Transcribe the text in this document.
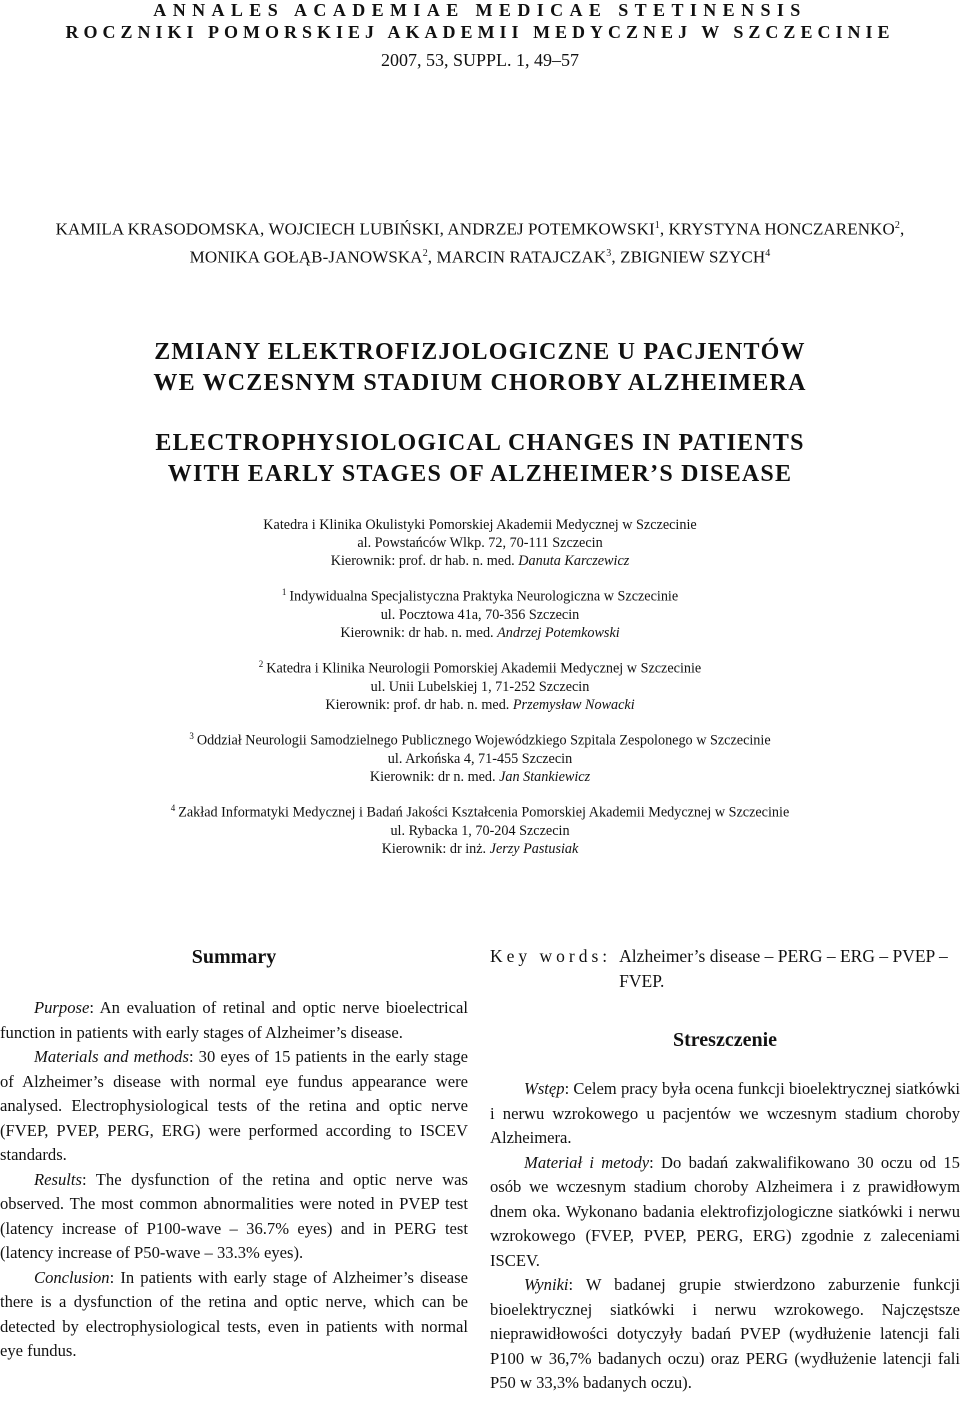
ANNALES ACADEMIAE MEDICAE STETINENSIS
ROCZNIKI POMORSKIEJ AKADEMII MEDYCZNEJ W SZCZECINIE
2007, 53, SUPPL. 1, 49–57
KAMILA KRASODOMSKA, WOJCIECH LUBIŃSKI, ANDRZEJ POTEMKOWSKI$^1$, KRYSTYNA HONCZARENKO$^2$,
MONIKA GOŁĄB-JANOWSKA$^2$, MARCIN RATAJCZAK$^3$, ZBIGNIEW SZYCH$^4$
ZMIANY ELEKTROFIZJOLOGICZNE U PACJENTÓW
WE WCZESNYM STADIUM CHOROBY ALZHEIMERA
ELECTROPHYSIOLOGICAL CHANGES IN PATIENTS
WITH EARLY STAGES OF ALZHEIMER’S DISEASE
Katedra i Klinika Okulistyki Pomorskiej Akademii Medycznej w Szczecinie
al. Powstańców Wlkp. 72, 70-111 Szczecin
Kierownik: prof. dr hab. n. med. Danuta Karczewicz
$^1$ Indywidualna Specjalistyczna Praktyka Neurologiczna w Szczecinie
ul. Pocztowa 41a, 70-356 Szczecin
Kierownik: dr hab. n. med. Andrzej Potemkowski
$^2$ Katedra i Klinika Neurologii Pomorskiej Akademii Medycznej w Szczecinie
ul. Unii Lubelskiej 1, 71-252 Szczecin
Kierownik: prof. dr hab. n. med. Przemysław Nowacki
$^3$ Oddział Neurologii Samodzielnego Publicznego Wojewódzkiego Szpitala Zespolonego w Szczecinie
ul. Arkońska 4, 71-455 Szczecin
Kierownik: dr n. med. Jan Stankiewicz
$^4$ Zakład Informatyki Medycznej i Badań Jakości Kształcenia Pomorskiej Akademii Medycznej w Szczecinie
ul. Rybacka 1, 70-204 Szczecin
Kierownik: dr inż. Jerzy Pastusiak
Summary

Purpose: An evaluation of retinal and optic nerve bioelectrical function in patients with early stages of Alzheimer’s disease.

Materials and methods: 30 eyes of 15 patients in the early stage of Alzheimer’s disease with normal eye fundus appearance were analysed. Electrophysiological tests of the retina and optic nerve (FVEP, PVEP, PERG, ERG) were performed according to ISCEV standards.

Results: The dysfunction of the retina and optic nerve was observed. The most common abnormalities were noted in PVEP test (latency increase of P100-wave – 36.7% eyes) and in PERG test (latency increase of P50-wave – 33.3% eyes).

Conclusion: In patients with early stage of Alzheimer’s disease there is a dysfunction of the retina and optic nerve, which can be detected by electrophysiological tests, even in patients with normal eye fundus.

Key words: Alzheimer’s disease – PERG – ERG – PVEP – FVEP.
Streszczenie

Wstęp: Celem pracy była ocena funkcji bioelektrycznej siatkówki i nerwu wzrokowego u pacjentów we wczesnym stadium choroby Alzheimera.

Materiał i metody: Do badań zakwalifikowano 30 oczu od 15 osób we wczesnym stadium choroby Alzheimera i z prawidłowym dnem oka. Wykonano badania elektrofizjologiczne siatkówki i nerwu wzrokowego (FVEP, PVEP, PERG, ERG) zgodnie z zaleceniami ISCEV.

Wyniki: W badanej grupie stwierdzono zaburzenie funkcji bioelektrycznej siatkówki i nerwu wzrokowego. Najczęstsze nieprawidłowości dotyczyły badań PVEP (wydłużenie latencji fali P100 w 36,7% badanych oczu) oraz PERG (wydłużenie latencji fali P50 w 33,3% badanych oczu).
